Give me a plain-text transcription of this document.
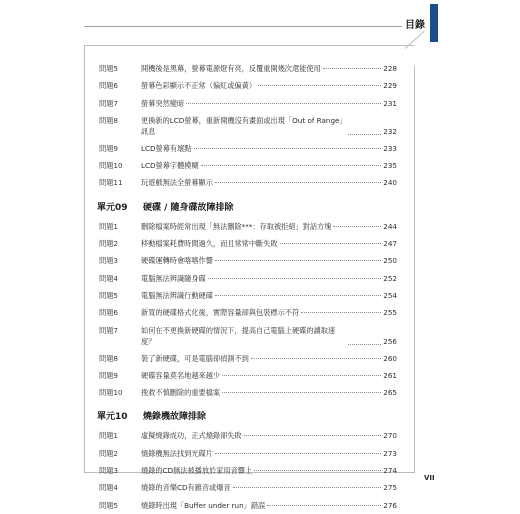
目錄
問題5	開機後是黑幕，螢幕電源燈有亮，反覆重開幾次還能使用	228
問題6	螢幕色彩顯示不正常（偏紅或偏黃）	229
問題7	螢幕突然變暗	231
問題8	更換新的LCD螢幕，重新開機沒有畫面或出現「Out of Range」訊息	232
問題9	LCD螢幕有壞點	233
問題10	LCD螢幕字體模糊	235
問題11	玩遊戲無法全螢幕顯示	240
單元09	硬碟 / 隨身碟故障排除
問題1	刪除檔案時經常出現「無法刪除***：存取被拒絕」對話方塊	244
問題2	移動檔案耗費時間過久，而且常常中斷失敗	247
問題3	硬碟運轉時會喀喀作響	250
問題4	電腦無法辨識隨身碟	252
問題5	電腦無法辨識行動硬碟	254
問題6	新買的硬碟格式化後，實際容量卻與包裝標示不符	255
問題7	如何在不更換新硬碟的情況下，提高自己電腦上硬碟的讀取速度？	256
問題8	裝了新硬碟，可是電腦卻偵測不到	260
問題9	硬碟容量莫名地越來越少	261
問題10	挽救不慎刪除的重要檔案	265
單元10	燒錄機故障排除
問題1	虛擬燒錄成功，正式燒錄卻失敗	270
問題2	燒錄機無法找到光碟片	273
問題3	燒錄的CD無法被播放於家用音響上	274
問題4	燒錄的音樂CD有雜音或爆音	275
問題5	燒錄時出現「Buffer under run」錯誤	276
VII
